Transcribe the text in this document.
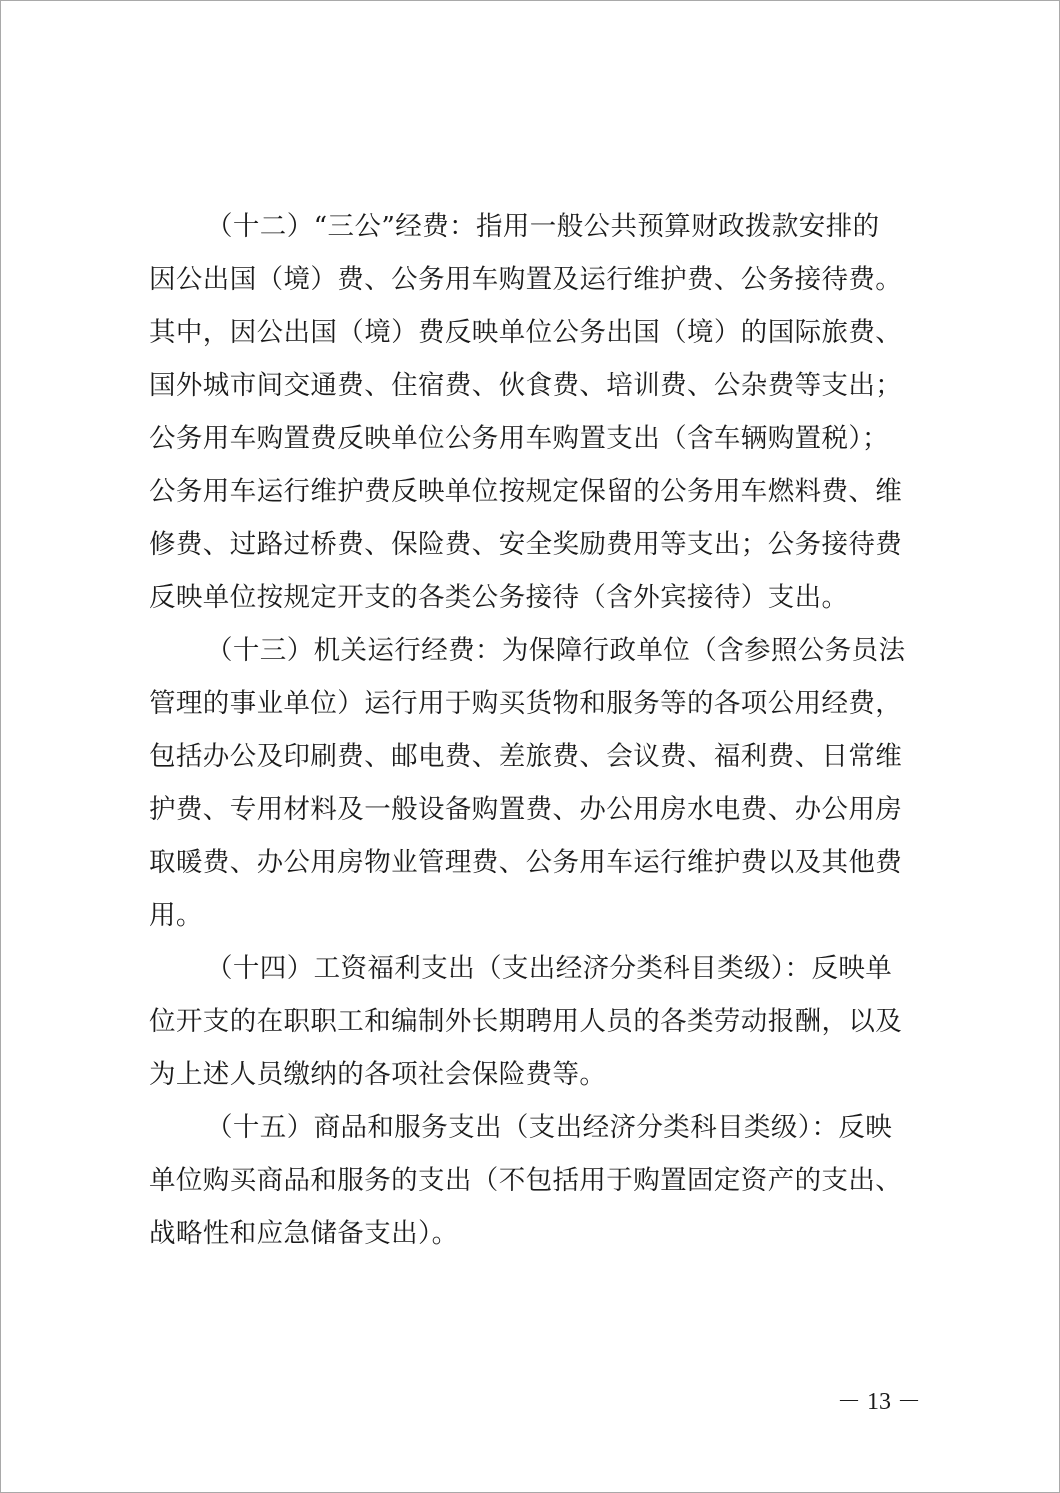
（十二）“三公”经费：指用一般公共预算财政拨款安排的
因公出国（境）费、公务用车购置及运行维护费、公务接待费。
其中，因公出国（境）费反映单位公务出国（境）的国际旅费、
国外城市间交通费、住宿费、伙食费、培训费、公杂费等支出；
公务用车购置费反映单位公务用车购置支出（含车辆购置税）；
公务用车运行维护费反映单位按规定保留的公务用车燃料费、维
修费、过路过桥费、保险费、安全奖励费用等支出；公务接待费
反映单位按规定开支的各类公务接待（含外宾接待）支出。
（十三）机关运行经费：为保障行政单位（含参照公务员法
管理的事业单位）运行用于购买货物和服务等的各项公用经费，
包括办公及印刷费、邮电费、差旅费、会议费、福利费、日常维
护费、专用材料及一般设备购置费、办公用房水电费、办公用房
取暖费、办公用房物业管理费、公务用车运行维护费以及其他费
用。
（十四）工资福利支出（支出经济分类科目类级）：反映单
位开支的在职职工和编制外长期聘用人员的各类劳动报酬，以及
为上述人员缴纳的各项社会保险费等。
（十五）商品和服务支出（支出经济分类科目类级）：反映
单位购买商品和服务的支出（不包括用于购置固定资产的支出、
战略性和应急储备支出）。
－ 13 －
